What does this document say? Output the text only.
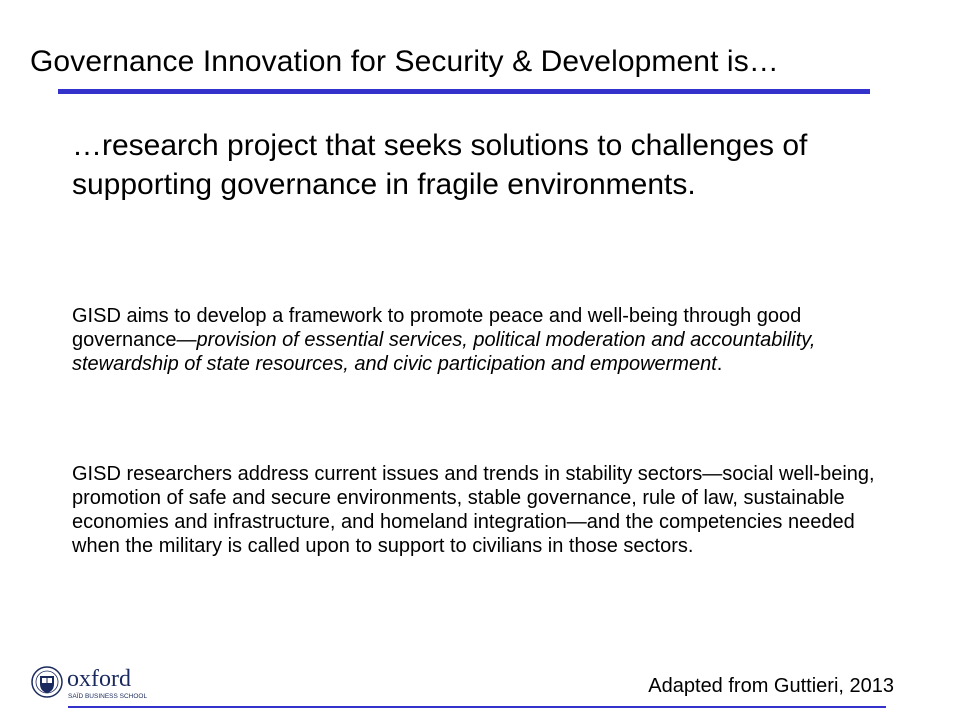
Governance Innovation for Security & Development is…
…research project that seeks solutions to challenges of supporting governance in fragile environments.
GISD aims to develop a framework to promote peace and well-being through good governance—provision of essential services, political moderation and accountability, stewardship of state resources, and civic participation and empowerment.
GISD researchers address current issues and trends in stability sectors—social well-being, promotion of safe and secure environments, stable governance, rule of law, sustainable economies and infrastructure, and homeland integration—and the competencies needed when the military is called upon to support to civilians in those sectors.
oxford
SAÏD BUSINESS SCHOOL	Adapted from Guttieri, 2013
